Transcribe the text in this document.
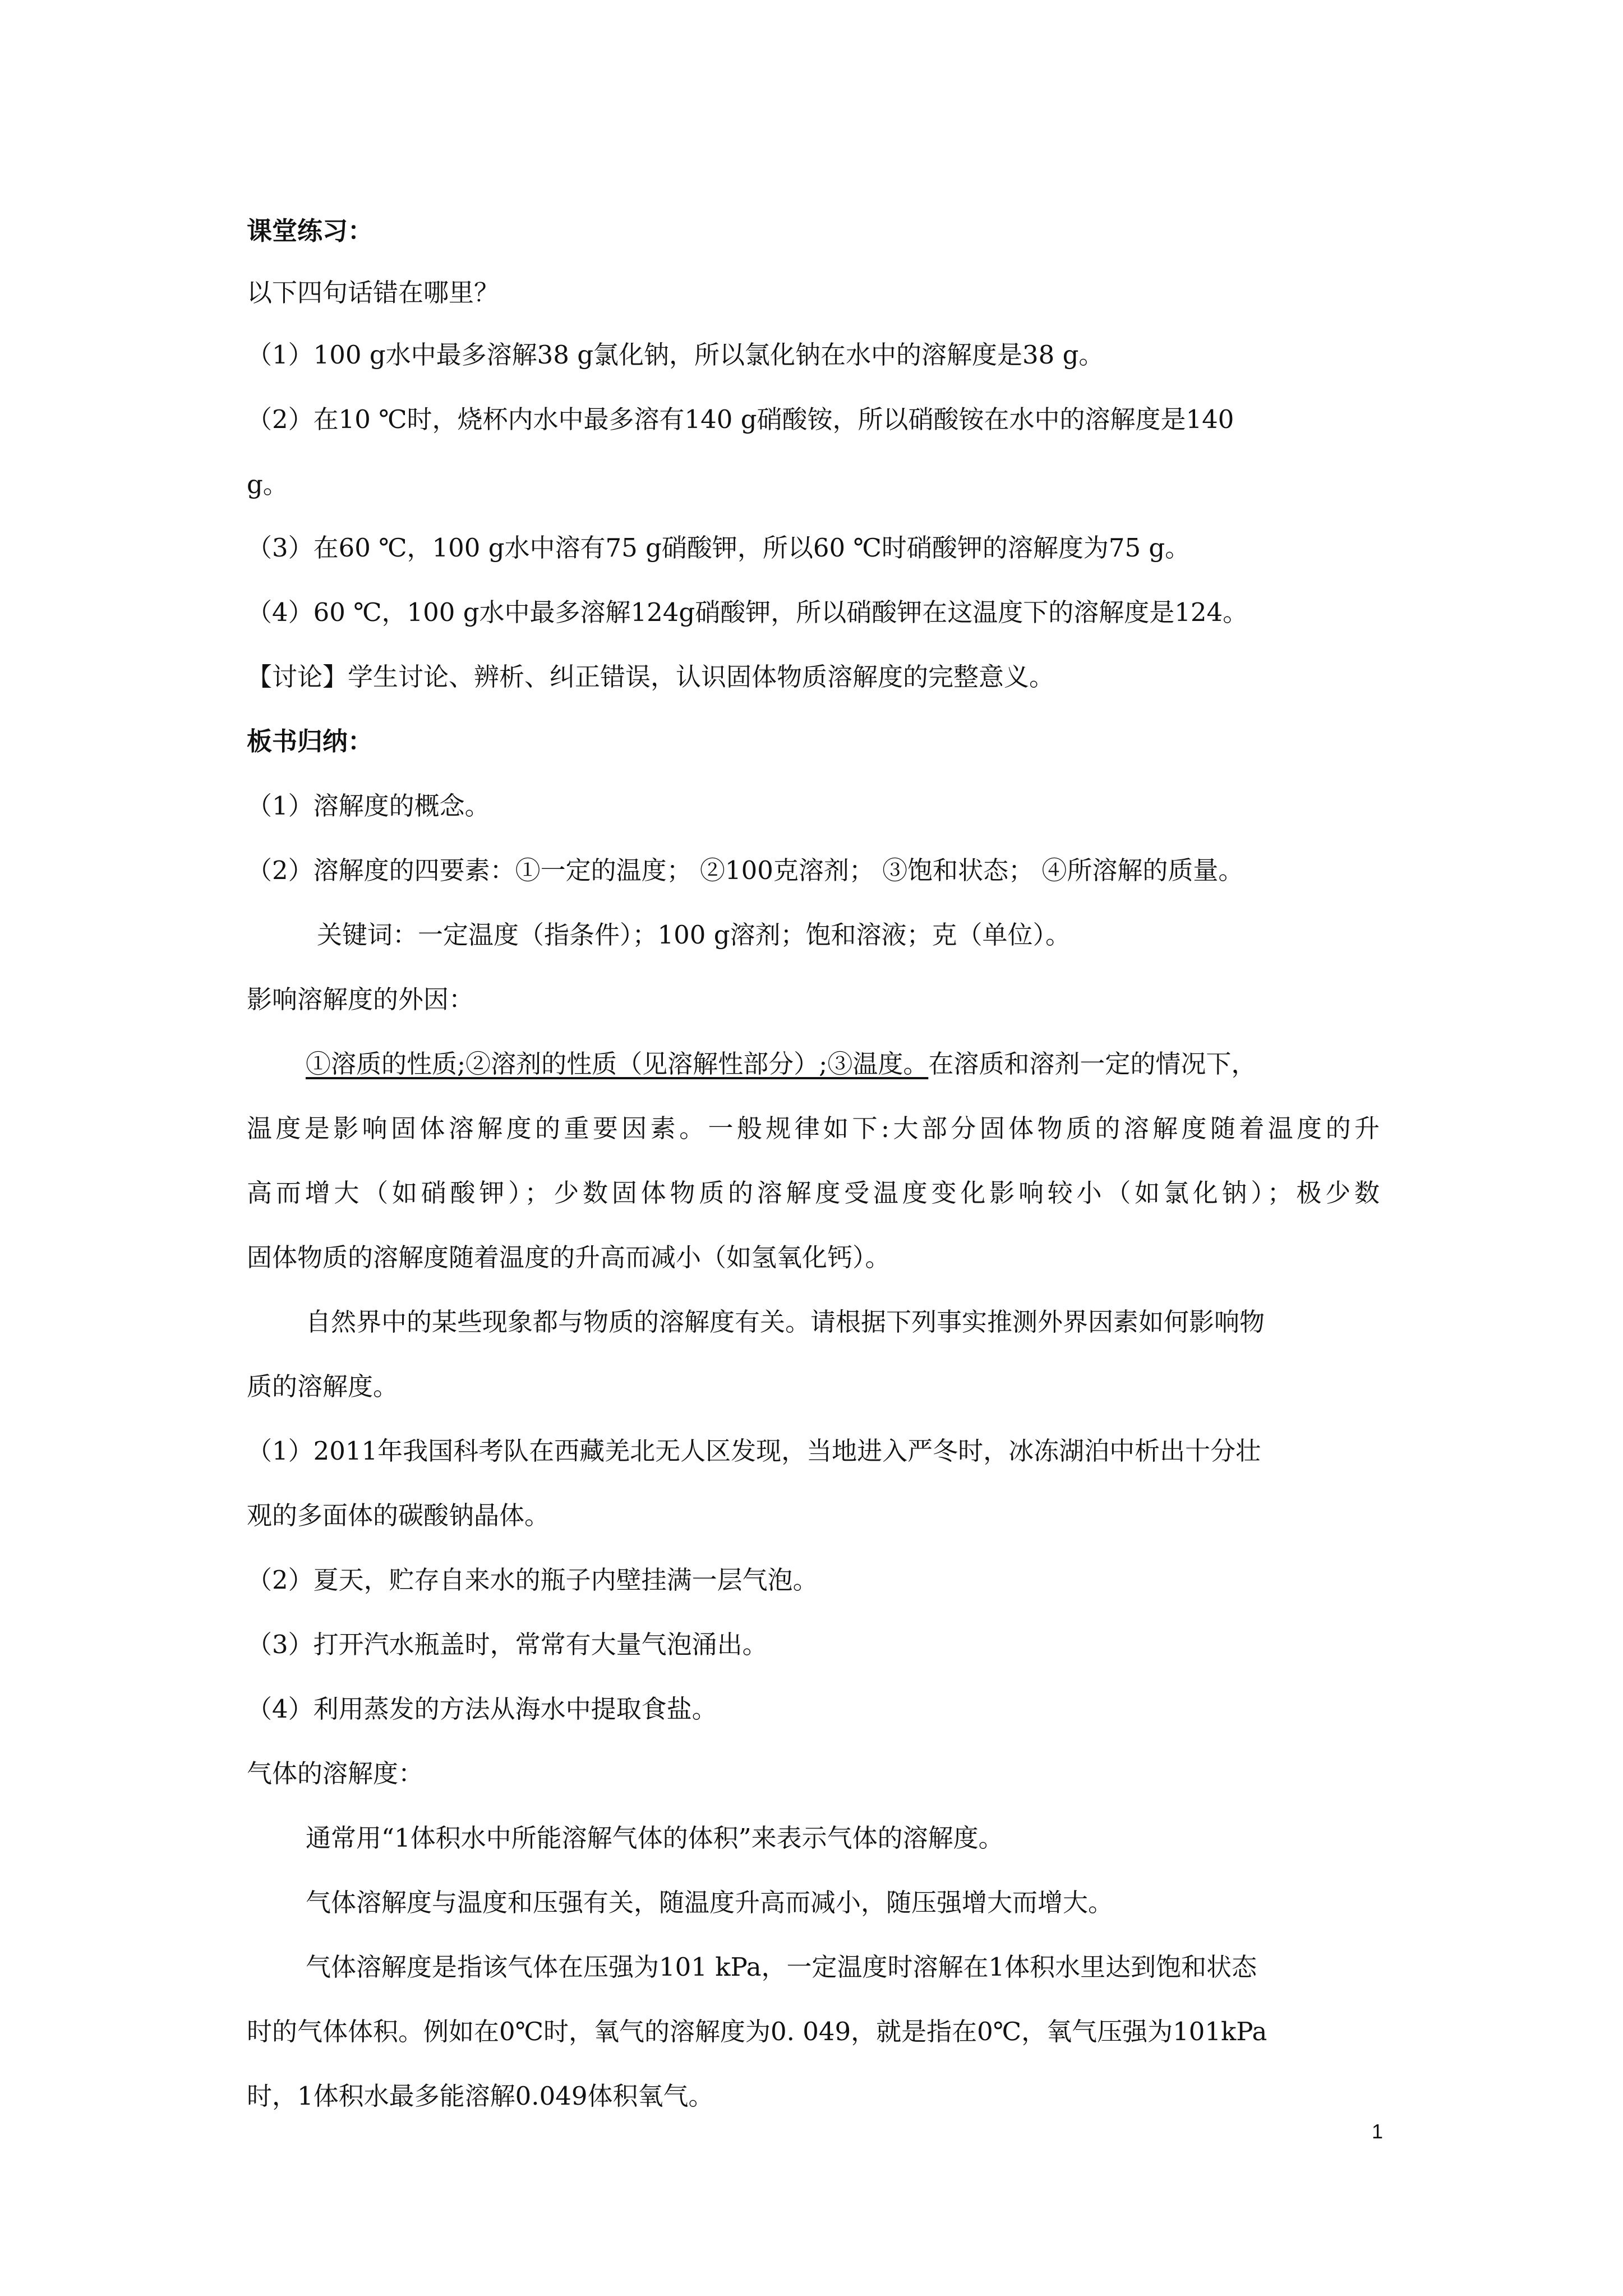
课堂练习：
以下四句话错在哪里？
（1）100 g水中最多溶解38 g氯化钠，所以氯化钠在水中的溶解度是38 g。
（2）在10 ℃时，烧杯内水中最多溶有140 g硝酸铵，所以硝酸铵在水中的溶解度是140
g。
（3）在60 ℃，100 g水中溶有75 g硝酸钾，所以60 ℃时硝酸钾的溶解度为75 g。
（4）60 ℃，100 g水中最多溶解124g硝酸钾，所以硝酸钾在这温度下的溶解度是124。
【讨论】学生讨论、辨析、纠正错误，认识固体物质溶解度的完整意义。
板书归纳：
（1）溶解度的概念。
（2）溶解度的四要素：①一定的温度； ②100克溶剂； ③饱和状态； ④所溶解的质量。
关键词：一定温度（指条件）；100 g溶剂；饱和溶液；克（单位）。
影响溶解度的外因：
①溶质的性质;②溶剂的性质（见溶解性部分）;③温度。在溶质和溶剂一定的情况下，
温度是影响固体溶解度的重要因素。一般规律如下:大部分固体物质的溶解度随着温度的升
高而增大（如硝酸钾）；少数固体物质的溶解度受温度变化影响较小（如氯化钠）；极少数
固体物质的溶解度随着温度的升高而减小（如氢氧化钙）。
自然界中的某些现象都与物质的溶解度有关。请根据下列事实推测外界因素如何影响物
质的溶解度。
（1）2011年我国科考队在西藏羌北无人区发现，当地进入严冬时，冰冻湖泊中析出十分壮
观的多面体的碳酸钠晶体。
（2）夏天，贮存自来水的瓶子内壁挂满一层气泡。
（3）打开汽水瓶盖时，常常有大量气泡涌出。
（4）利用蒸发的方法从海水中提取食盐。
气体的溶解度：
通常用“1体积水中所能溶解气体的体积”来表示气体的溶解度。
气体溶解度与温度和压强有关，随温度升高而减小，随压强增大而增大。
气体溶解度是指该气体在压强为101 kPa，一定温度时溶解在1体积水里达到饱和状态
时的气体体积。例如在0℃时，氧气的溶解度为0. 049，就是指在0℃，氧气压强为101kPa
时，1体积水最多能溶解0.049体积氧气。
1
